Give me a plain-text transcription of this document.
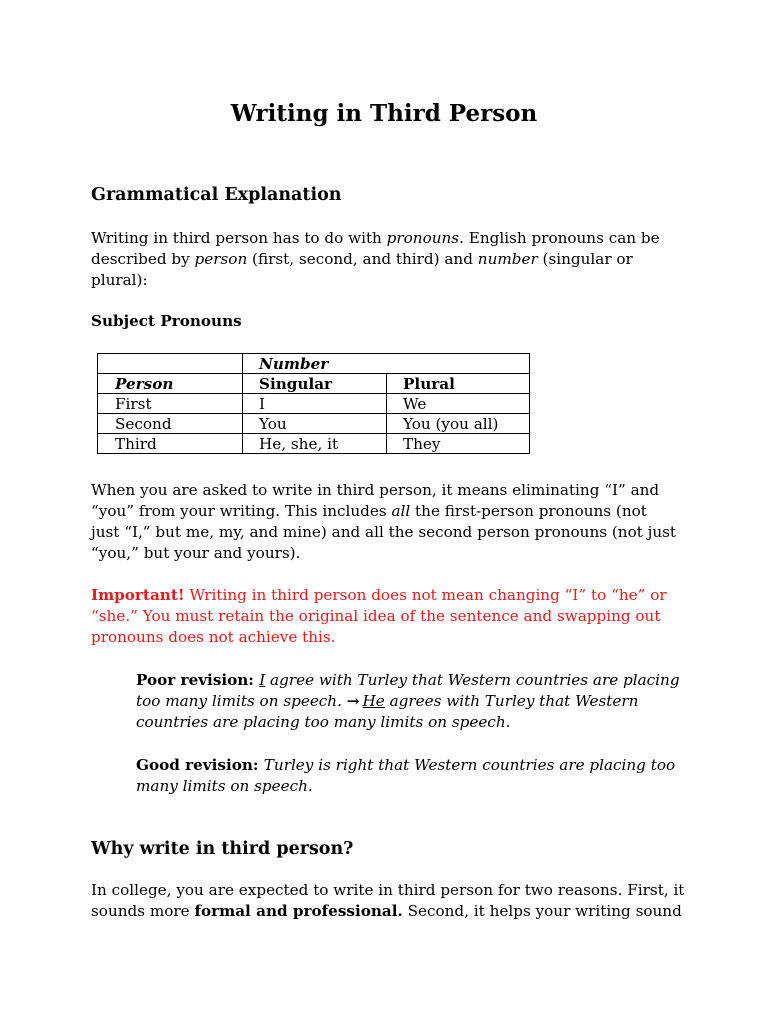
Writing in Third Person
Grammatical Explanation

Writing in third person has to do with pronouns. English pronouns can be
described by person (first, second, and third) and number (singular or
plural):

Subject Pronouns

	Number	
Person	Singular	Plural
First	I	We
Second	You	You (you all)
Third	He, she, it	They

When you are asked to write in third person, it means eliminating “I” and
“you” from your writing. This includes all the first-person pronouns (not
just “I,” but me, my, and mine) and all the second person pronouns (not just
“you,” but your and yours).

Important! Writing in third person does not mean changing “I” to “he” or
“she.” You must retain the original idea of the sentence and swapping out
pronouns does not achieve this.

Poor revision: I agree with Turley that Western countries are placing
too many limits on speech. →  He agrees with Turley that Western
countries are placing too many limits on speech.

Good revision: Turley is right that Western countries are placing too
many limits on speech.

Why write in third person?

In college, you are expected to write in third person for two reasons. First, it
sounds more formal and professional. Second, it helps your writing sound
